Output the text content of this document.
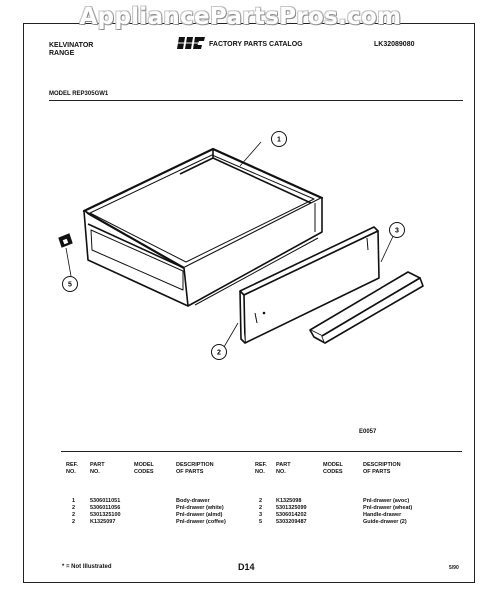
AppliancePartsPros.com
KELVINATOR
RANGE
FACTORY PARTS CATALOG	LK32089080
MODEL REP305GW1
1
3
2
5
E0057
REF.
NO.
PART
NO.
MODEL
CODES
DESCRIPTION
OF PARTS
1	5306011051	Body-drawer
2	5306011056	Pnl-drawer (white)
2	5301325100	Pnl-drawer (almd)
2	K1325097	Pnl-drawer (coffee)
REF.
NO.
PART
NO.
MODEL
CODES
DESCRIPTION
OF PARTS
2	K1325098	Pnl-drawer (avoc)
2	5301325099	Pnl-drawer (wheat)
3	5306014202	Handle-drawer
5	5303209487	Guide-drawer (2)
* = Not Illustrated	D14	5/90
